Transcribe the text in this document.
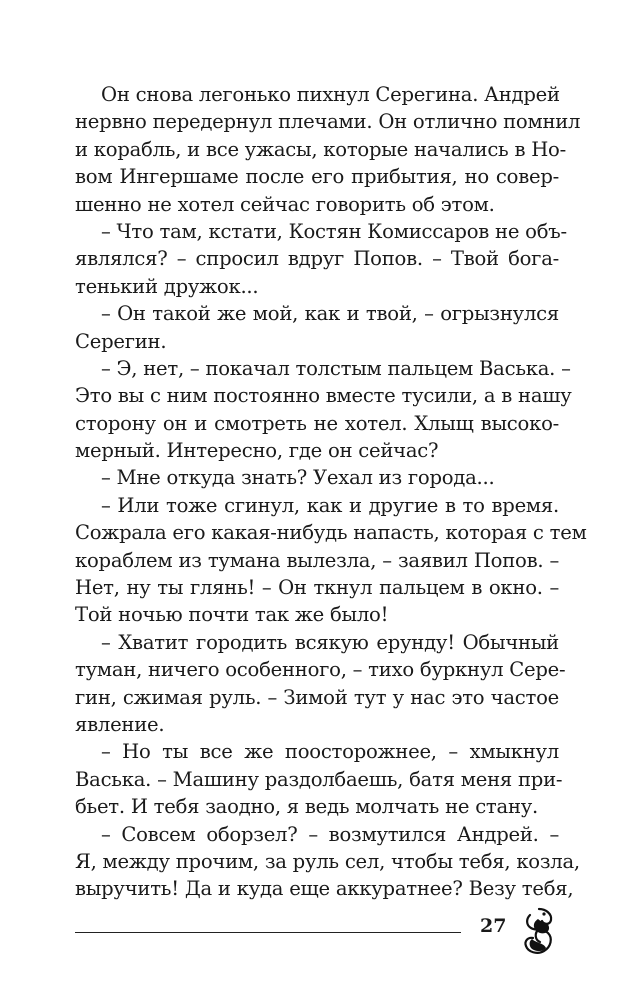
Он снова легонько пихнул Серегина. Андрей
нервно передернул плечами. Он отлично помнил
и корабль, и все ужасы, которые начались в Но-
вом Ингершаме после его прибытия, но совер-
шенно не хотел сейчас говорить об этом.
– Что там, кстати, Костян Комиссаров не объ-
являлся? – спросил вдруг Попов. – Твой бога-
тенький дружок...
– Он такой же мой, как и твой, – огрызнулся
Серегин.
– Э, нет, – покачал толстым пальцем Васька. –
Это вы с ним постоянно вместе тусили, а в нашу
сторону он и смотреть не хотел. Хлыщ высоко-
мерный. Интересно, где он сейчас?
– Мне откуда знать? Уехал из города...
– Или тоже сгинул, как и другие в то время.
Сожрала его какая-нибудь напасть, которая с тем
кораблем из тумана вылезла, – заявил Попов. –
Нет, ну ты глянь! – Он ткнул пальцем в окно. –
Той ночью почти так же было!
– Хватит городить всякую ерунду! Обычный
туман, ничего особенного, – тихо буркнул Сере-
гин, сжимая руль. – Зимой тут у нас это частое
явление.
– Но ты все же поосторожнее, – хмыкнул
Васька. – Машину раздолбаешь, батя меня при-
бьет. И тебя заодно, я ведь молчать не стану.
– Совсем оборзел? – возмутился Андрей. –
Я, между прочим, за руль сел, чтобы тебя, козла,
выручить! Да и куда еще аккуратнее? Везу тебя,
27
